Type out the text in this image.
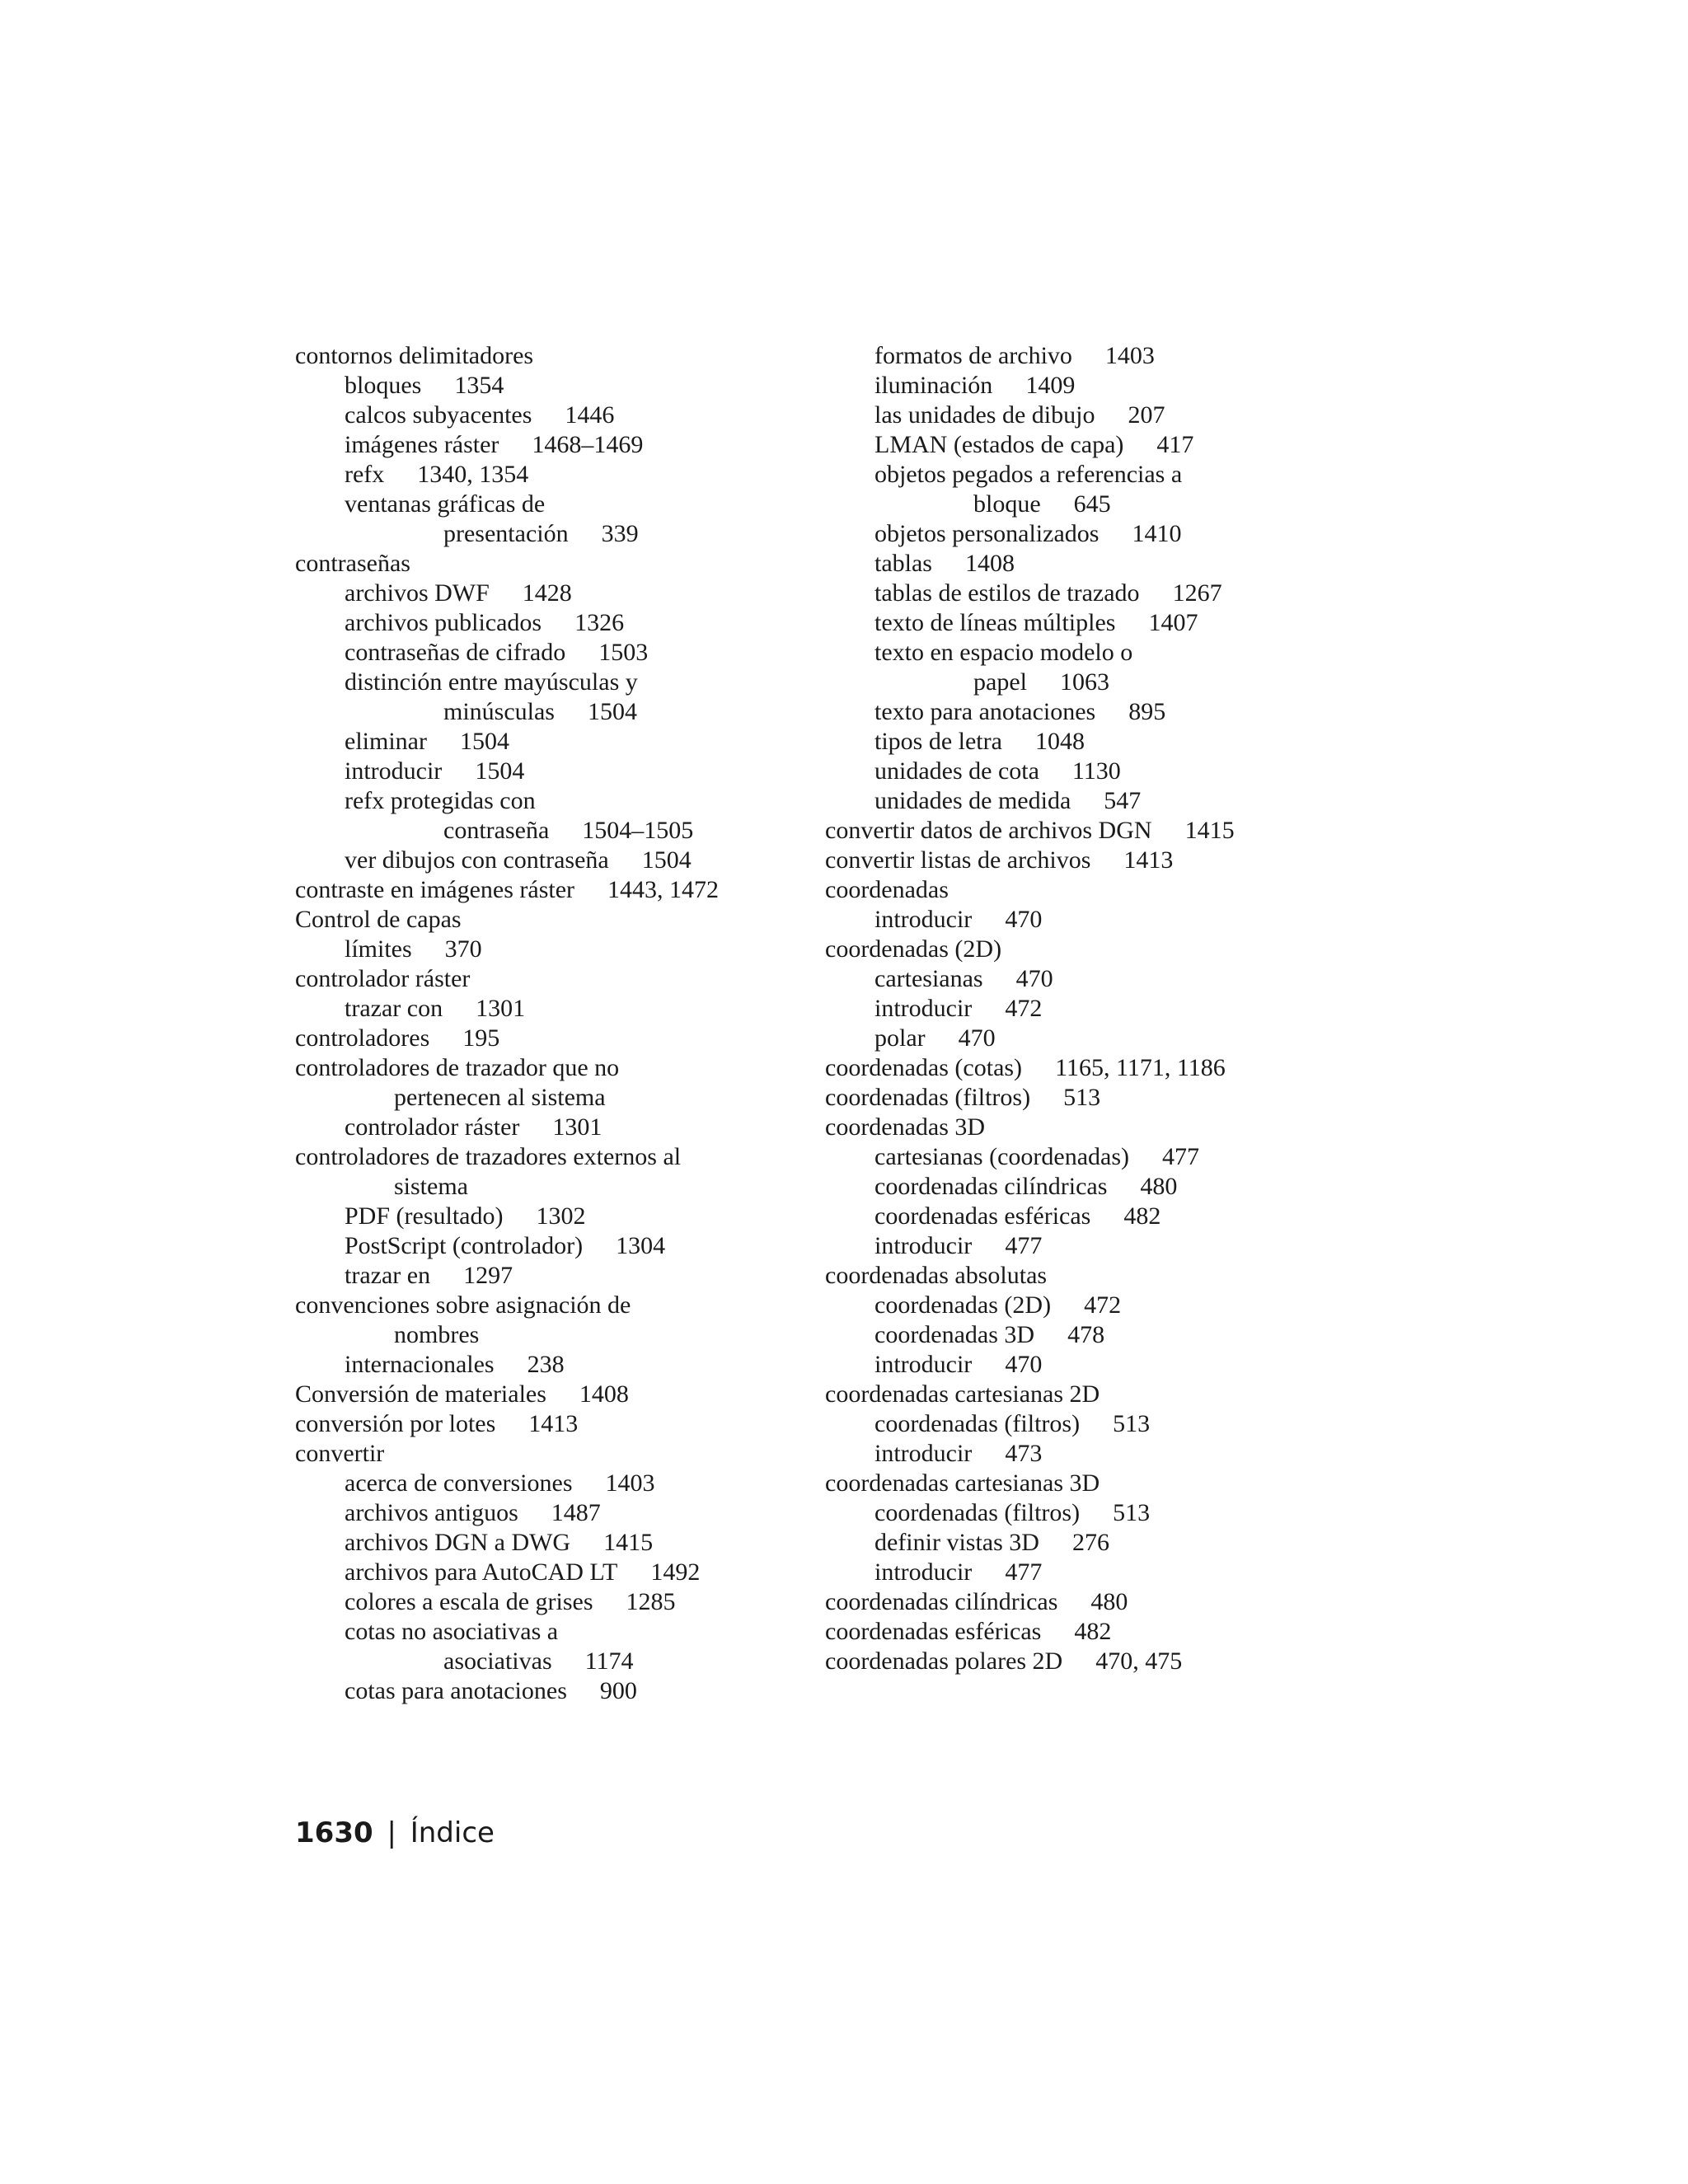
contornos delimitadores
bloques 1354
calcos subyacentes 1446
imágenes ráster 1468–1469
refx 1340, 1354
ventanas gráficas de
presentación 339
contraseñas
archivos DWF 1428
archivos publicados 1326
contraseñas de cifrado 1503
distinción entre mayúsculas y
minúsculas 1504
eliminar 1504
introducir 1504
refx protegidas con
contraseña 1504–1505
ver dibujos con contraseña 1504
contraste en imágenes ráster 1443, 1472
Control de capas
límites 370
controlador ráster
trazar con 1301
controladores 195
controladores de trazador que no
pertenecen al sistema
controlador ráster 1301
controladores de trazadores externos al
sistema
PDF (resultado) 1302
PostScript (controlador) 1304
trazar en 1297
convenciones sobre asignación de
nombres
internacionales 238
Conversión de materiales 1408
conversión por lotes 1413
convertir
acerca de conversiones 1403
archivos antiguos 1487
archivos DGN a DWG 1415
archivos para AutoCAD LT 1492
colores a escala de grises 1285
cotas no asociativas a
asociativas 1174
cotas para anotaciones 900
formatos de archivo 1403
iluminación 1409
las unidades de dibujo 207
LMAN (estados de capa) 417
objetos pegados a referencias a
bloque 645
objetos personalizados 1410
tablas 1408
tablas de estilos de trazado 1267
texto de líneas múltiples 1407
texto en espacio modelo o
papel 1063
texto para anotaciones 895
tipos de letra 1048
unidades de cota 1130
unidades de medida 547
convertir datos de archivos DGN 1415
convertir listas de archivos 1413
coordenadas
introducir 470
coordenadas (2D)
cartesianas 470
introducir 472
polar 470
coordenadas (cotas) 1165, 1171, 1186
coordenadas (filtros) 513
coordenadas 3D
cartesianas (coordenadas) 477
coordenadas cilíndricas 480
coordenadas esféricas 482
introducir 477
coordenadas absolutas
coordenadas (2D) 472
coordenadas 3D 478
introducir 470
coordenadas cartesianas 2D
coordenadas (filtros) 513
introducir 473
coordenadas cartesianas 3D
coordenadas (filtros) 513
definir vistas 3D 276
introducir 477
coordenadas cilíndricas 480
coordenadas esféricas 482
coordenadas polares 2D 470, 475
1630 | Índice
